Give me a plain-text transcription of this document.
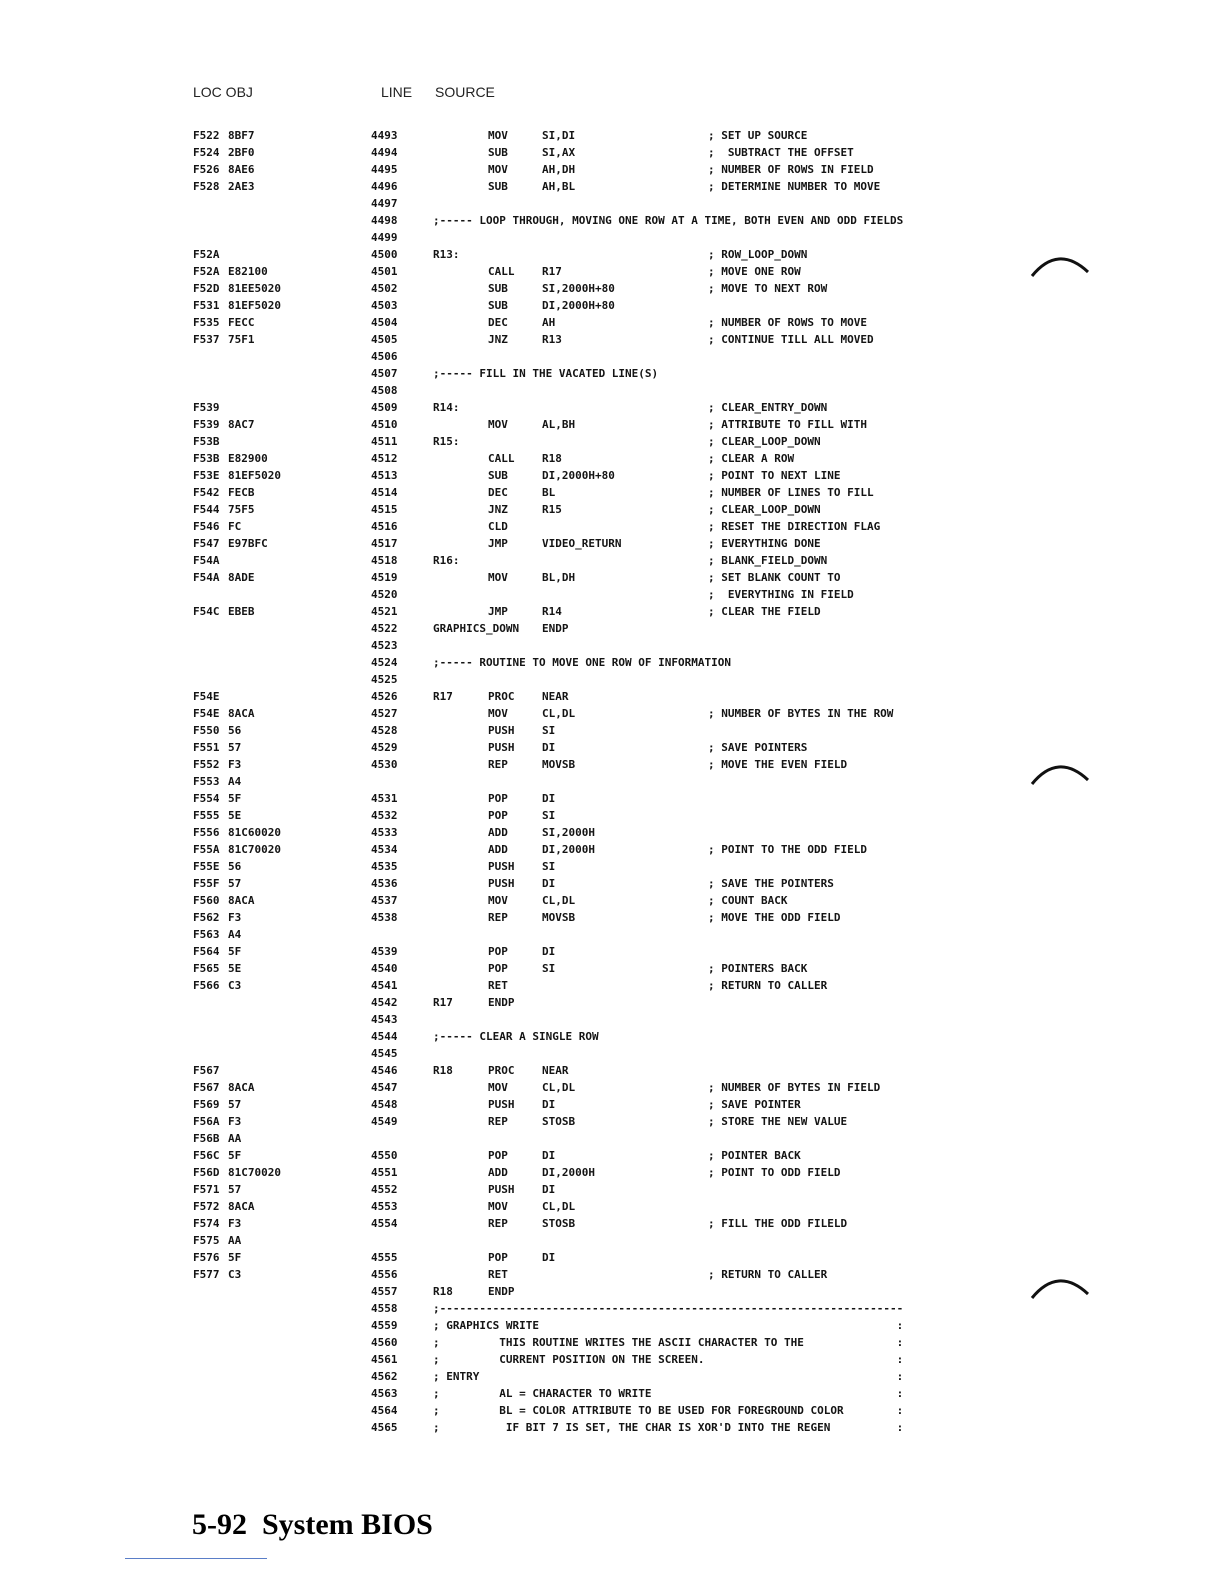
LOC OBJ	LINE SOURCE
F522 8BF7	4493	MOV	SI,DI	; SET UP SOURCE
F524 2BF0	4494	SUB	SI,AX	;  SUBTRACT THE OFFSET
F526 8AE6	4495	MOV	AH,DH	; NUMBER OF ROWS IN FIELD
F528 2AE3	4496	SUB	AH,BL	; DETERMINE NUMBER TO MOVE
4497
4498	;----- LOOP THROUGH, MOVING ONE ROW AT A TIME, BOTH EVEN AND ODD FIELDS
4499
F52A	4500	R13:	; ROW_LOOP_DOWN
F52A E82100	4501	CALL	R17	; MOVE ONE ROW
F52D 81EE5020	4502	SUB	SI,2000H+80	; MOVE TO NEXT ROW
F531 81EF5020	4503	SUB	DI,2000H+80
F535 FECC	4504	DEC	AH	; NUMBER OF ROWS TO MOVE
F537 75F1	4505	JNZ	R13	; CONTINUE TILL ALL MOVED
4506
4507	;----- FILL IN THE VACATED LINE(S)
4508
F539	4509	R14:	; CLEAR_ENTRY_DOWN
F539 8AC7	4510	MOV	AL,BH	; ATTRIBUTE TO FILL WITH
F53B	4511	R15:	; CLEAR_LOOP_DOWN
F53B E82900	4512	CALL	R18	; CLEAR A ROW
F53E 81EF5020	4513	SUB	DI,2000H+80	; POINT TO NEXT LINE
F542 FECB	4514	DEC	BL	; NUMBER OF LINES TO FILL
F544 75F5	4515	JNZ	R15	; CLEAR_LOOP_DOWN
F546 FC	4516	CLD	; RESET THE DIRECTION FLAG
F547 E97BFC	4517	JMP	VIDEO_RETURN	; EVERYTHING DONE
F54A	4518	R16:	; BLANK_FIELD_DOWN
F54A 8ADE	4519	MOV	BL,DH	; SET BLANK COUNT TO
4520	;  EVERYTHING IN FIELD
F54C EBEB	4521	JMP	R14	; CLEAR THE FIELD
4522	GRAPHICS_DOWN ENDP
4523
4524	;----- ROUTINE TO MOVE ONE ROW OF INFORMATION
4525
F54E	4526	R17	PROC	NEAR
F54E 8ACA	4527	MOV	CL,DL	; NUMBER OF BYTES IN THE ROW
F550 56	4528	PUSH	SI
F551 57	4529	PUSH	DI	; SAVE POINTERS
F552 F3	4530	REP	MOVSB	; MOVE THE EVEN FIELD
F553 A4
F554 5F	4531	POP	DI
F555 5E	4532	POP	SI
F556 81C60020	4533	ADD	SI,2000H
F55A 81C70020	4534	ADD	DI,2000H	; POINT TO THE ODD FIELD
F55E 56	4535	PUSH	SI
F55F 57	4536	PUSH	DI	; SAVE THE POINTERS
F560 8ACA	4537	MOV	CL,DL	; COUNT BACK
F562 F3	4538	REP	MOVSB	; MOVE THE ODD FIELD
F563 A4
F564 5F	4539	POP	DI
F565 5E	4540	POP	SI	; POINTERS BACK
F566 C3	4541	RET	; RETURN TO CALLER
4542	R17	ENDP
4543
4544	;----- CLEAR A SINGLE ROW
4545
F567	4546	R18	PROC	NEAR
F567 8ACA	4547	MOV	CL,DL	; NUMBER OF BYTES IN FIELD
F569 57	4548	PUSH	DI	; SAVE POINTER
F56A F3	4549	REP	STOSB	; STORE THE NEW VALUE
F56B AA
F56C 5F	4550	POP	DI	; POINTER BACK
F56D 81C70020	4551	ADD	DI,2000H	; POINT TO ODD FIELD
F571 57	4552	PUSH	DI
F572 8ACA	4553	MOV	CL,DL
F574 F3	4554	REP	STOSB	; FILL THE ODD FILELD
F575 AA
F576 5F	4555	POP	DI
F577 C3	4556	RET	; RETURN TO CALLER
4557	R18	ENDP
4558	;----------------------------------------------------------------------
4559	; GRAPHICS WRITE                                                      :
4560	;         THIS ROUTINE WRITES THE ASCII CHARACTER TO THE              :
4561	;         CURRENT POSITION ON THE SCREEN.                             :
4562	; ENTRY                                                               :
4563	;         AL = CHARACTER TO WRITE                                     :
4564	;         BL = COLOR ATTRIBUTE TO BE USED FOR FOREGROUND COLOR        :
4565	;          IF BIT 7 IS SET, THE CHAR IS XOR'D INTO THE REGEN          :
5-92 System BIOS
